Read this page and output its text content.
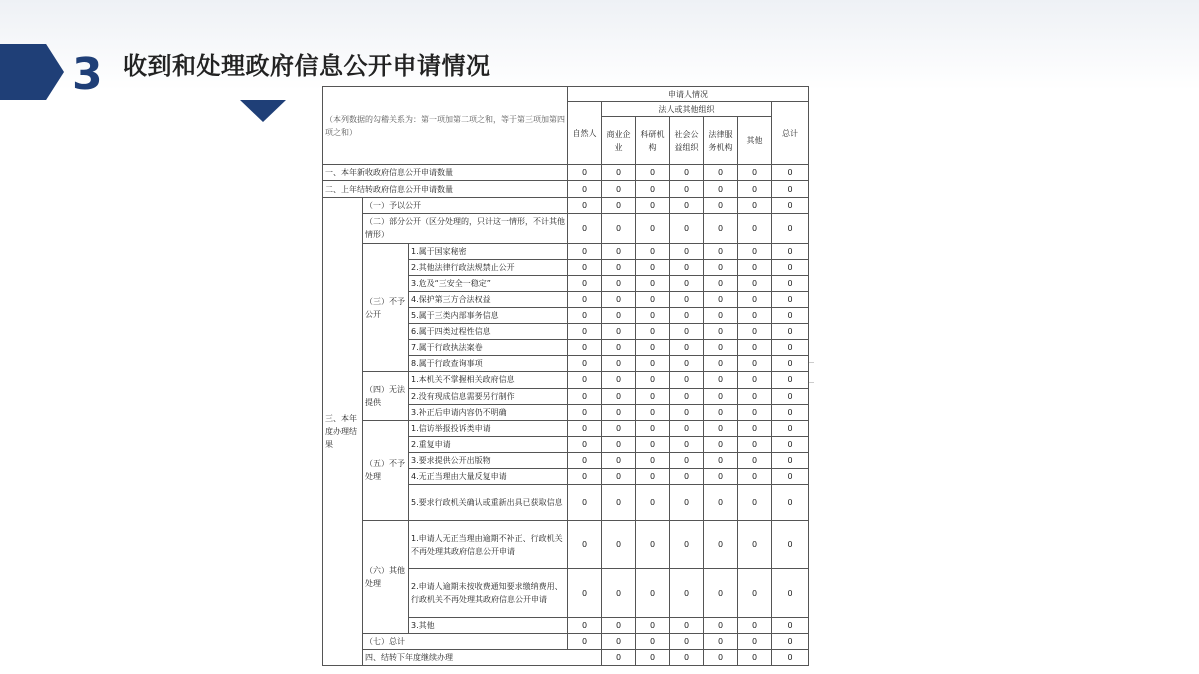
3 收到和处理政府信息公开申请情况
（本列数据的勾稽关系为：第一项加第二项之和，等于第三项加第四项之和）			申请人情况							
			自然人	法人或其他组织					总计	
				商业企业	科研机构	社会公益组织	法律服务机构	其他		
一、本年新收政府信息公开申请数量			0	0	0	0	0	0	0	
二、上年结转政府信息公开申请数量			0	0	0	0	0	0	0	
三、本年度办理结果	（一）予以公开		0	0	0	0	0	0	0	
	（二）部分公开（区分处理的，只计这一情形，不计其他情形）		0	0	0	0	0	0	0	
	（三）不予公开	1.属于国家秘密	0	0	0	0	0	0	0	
		2.其他法律行政法规禁止公开	0	0	0	0	0	0	0	
		3.危及“三安全一稳定”	0	0	0	0	0	0	0	
		4.保护第三方合法权益	0	0	0	0	0	0	0	
		5.属于三类内部事务信息	0	0	0	0	0	0	0	
		6.属于四类过程性信息	0	0	0	0	0	0	0	
		7.属于行政执法案卷	0	0	0	0	0	0	0	
		8.属于行政查询事项	0	0	0	0	0	0	0	
	（四）无法提供	1.本机关不掌握相关政府信息	0	0	0	0	0	0	0	
		2.没有现成信息需要另行制作	0	0	0	0	0	0	0	
		3.补正后申请内容仍不明确	0	0	0	0	0	0	0	
	（五）不予处理	1.信访举报投诉类申请	0	0	0	0	0	0	0	
		2.重复申请	0	0	0	0	0	0	0	
		3.要求提供公开出版物	0	0	0	0	0	0	0	
		4.无正当理由大量反复申请	0	0	0	0	0	0	0	
		5.要求行政机关确认或重新出具已获取信息	0	0	0	0	0	0	0	
	（六）其他处理	1.申请人无正当理由逾期不补正、行政机关不再处理其政府信息公开申请	0	0	0	0	0	0	0	
		2.申请人逾期未按收费通知要求缴纳费用、行政机关不再处理其政府信息公开申请	0	0	0	0	0	0	0	
		3.其他	0	0	0	0	0	0	0	
	（七）总计		0	0	0	0	0	0	0	
	四、结转下年度继续办理			0	0	0	0	0	0	
